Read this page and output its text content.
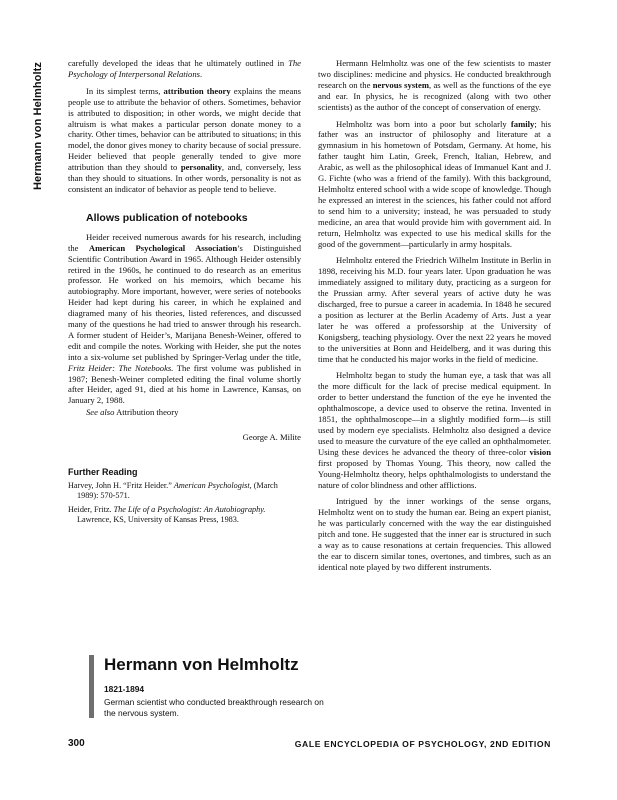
Hermann von Helmholtz	carefully developed the ideas that he ultimately outlined in The Psychology of Interpersonal Relations.

In its simplest terms, attribution theory explains the means people use to attribute the behavior of others. Sometimes, behavior is attributed to disposition; in other words, we might decide that altruism is what makes a particular person donate money to a charity. Other times, behavior can be attributed to situations; in this model, the donor gives money to charity because of social pressure. Heider believed that people generally tended to give more attribution than they should to personality, and, conversely, less than they should to situations. In other words, personality is not as consistent an indicator of behavior as people tend to believe.

Allows publication of notebooks

Heider received numerous awards for his research, including the American Psychological Association’s Distinguished Scientific Contribution Award in 1965. Although Heider ostensibly retired in the 1960s, he continued to do research as an emeritus professor. He worked on his memoirs, which became his autobiography. More important, however, were series of notebooks Heider had kept during his career, in which he explained and diagramed many of his theories, listed references, and discussed many of the questions he had tried to answer through his research. A former student of Heider’s, Marijana Benesh-Weiner, offered to edit and compile the notes. Working with Heider, she put the notes into a six-volume set published by Springer-Verlag under the title, Fritz Heider: The Notebooks. The first volume was published in 1987; Benesh-Weiner completed editing the final volume shortly after Heider, aged 91, died at his home in Lawrence, Kansas, on January 2, 1988.

See also Attribution theory

George A. Milite

Further Reading

Harvey, John H. “Fritz Heider.” American Psychologist, (March 1989): 570-571.

Heider, Fritz. The Life of a Psychologist: An Autobiography. Lawrence, KS, University of Kansas Press, 1983.

Hermann von Helmholtz
1821-1894
German scientist who conducted breakthrough research on the nervous system.

Hermann Helmholtz was one of the few scientists to master two disciplines: medicine and physics. He conducted breakthrough research on the nervous system, as well as the functions of the eye and ear. In physics, he is recognized (along with two other scientists) as the author of the concept of conservation of energy.

Helmholtz was born into a poor but scholarly family; his father was an instructor of philosophy and literature at a gymnasium in his hometown of Potsdam, Germany. At home, his father taught him Latin, Greek, French, Italian, Hebrew, and Arabic, as well as the philosophical ideas of Immanuel Kant and J. G. Fichte (who was a friend of the family). With this background, Helmholtz entered school with a wide scope of knowledge. Though he expressed an interest in the sciences, his father could not afford to send him to a university; instead, he was persuaded to study medicine, an area that would provide him with government aid. In return, Helmholtz was expected to use his medical skills for the good of the government—particularly in army hospitals.

Helmholtz entered the Friedrich Wilhelm Institute in Berlin in 1898, receiving his M.D. four years later. Upon graduation he was immediately assigned to military duty, practicing as a surgeon for the Prussian army. After several years of active duty he was discharged, free to pursue a career in academia. In 1848 he secured a position as lecturer at the Berlin Academy of Arts. Just a year later he was offered a professorship at the University of Konigsberg, teaching physiology. Over the next 22 years he moved to the universities at Bonn and Heidelberg, and it was during this time that he conducted his major works in the field of medicine.

Helmholtz began to study the human eye, a task that was all the more difficult for the lack of precise medical equipment. In order to better understand the function of the eye he invented the ophthalmoscope, a device used to observe the retina. Invented in 1851, the ophthalmoscope—in a slightly modified form—is still used by modern eye specialists. Helmholtz also designed a device used to measure the curvature of the eye called an ophthalmometer. Using these devices he advanced the theory of three-color vision first proposed by Thomas Young. This theory, now called the Young-Helmholtz theory, helps ophthalmologists to understand the nature of color blindness and other afflictions.

Intrigued by the inner workings of the sense organs, Helmholtz went on to study the human ear. Being an expert pianist, he was particularly concerned with the way the ear distinguished pitch and tone. He suggested that the inner ear is structured in such a way as to cause resonations at certain frequencies. This allowed the ear to discern similar tones, overtones, and timbres, such as an identical note played by two different instruments.

300	GALE ENCYCLOPEDIA OF PSYCHOLOGY, 2ND EDITION
